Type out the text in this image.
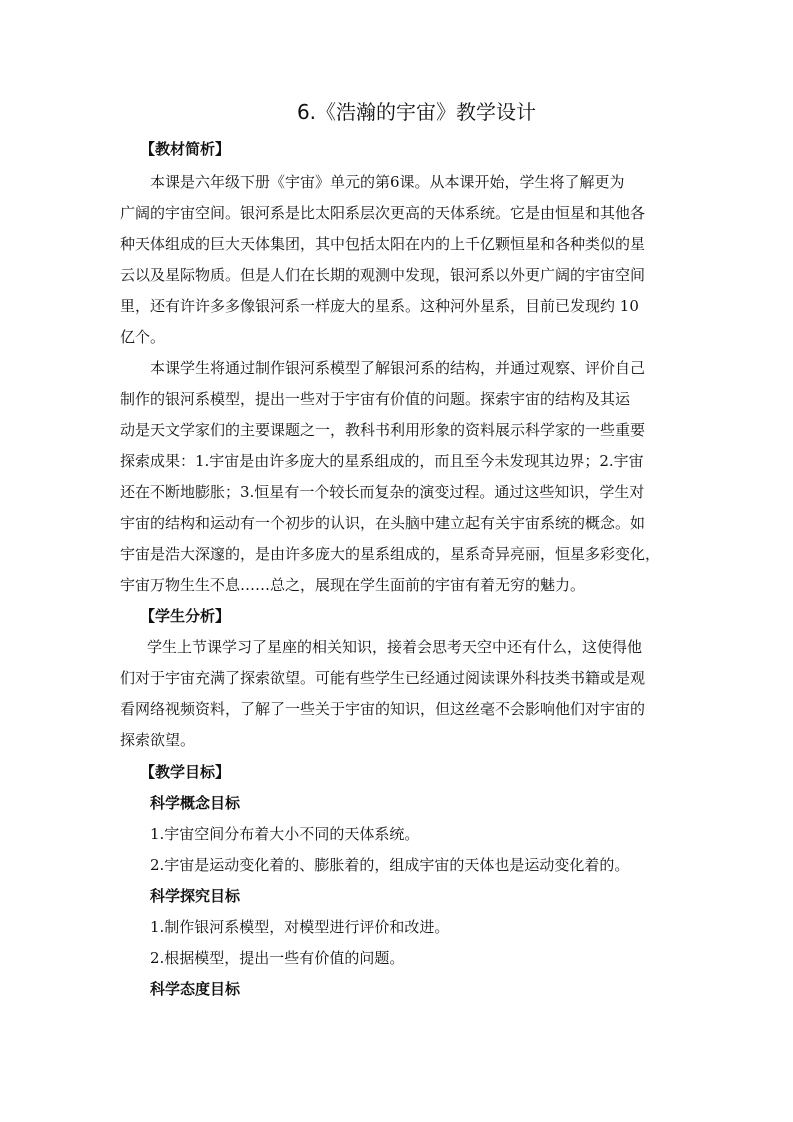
6.《浩瀚的宇宙》教学设计
【教材简析】
本课是六年级下册《宇宙》单元的第6课。从本课开始，学生将了解更为
广阔的宇宙空间。银河系是比太阳系层次更高的天体系统。它是由恒星和其他各
种天体组成的巨大天体集团，其中包括太阳在内的上千亿颗恒星和各种类似的星
云以及星际物质。但是人们在长期的观测中发现，银河系以外更广阔的宇宙空间
里，还有许许多多像银河系一样庞大的星系。这种河外星系，目前已发现约 10
亿个。
本课学生将通过制作银河系模型了解银河系的结构，并通过观察、评价自己
制作的银河系模型，提出一些对于宇宙有价值的问题。探索宇宙的结构及其运
动是天文学家们的主要课题之一，教科书利用形象的资料展示科学家的一些重要
探索成果：1.宇宙是由许多庞大的星系组成的，而且至今未发现其边界；2.宇宙
还在不断地膨胀；3.恒星有一个较长而复杂的演变过程。通过这些知识，学生对
宇宙的结构和运动有一个初步的认识，在头脑中建立起有关宇宙系统的概念。如
宇宙是浩大深邃的，是由许多庞大的星系组成的，星系奇异亮丽，恒星多彩变化，
宇宙万物生生不息……总之，展现在学生面前的宇宙有着无穷的魅力。
【学生分析】
学生上节课学习了星座的相关知识，接着会思考天空中还有什么，这使得他
们对于宇宙充满了探索欲望。可能有些学生已经通过阅读课外科技类书籍或是观
看网络视频资料，了解了一些关于宇宙的知识，但这丝毫不会影响他们对宇宙的
探索欲望。
【教学目标】
科学概念目标
1.宇宙空间分布着大小不同的天体系统。
2.宇宙是运动变化着的、膨胀着的，组成宇宙的天体也是运动变化着的。
科学探究目标
1.制作银河系模型，对模型进行评价和改进。
2.根据模型，提出一些有价值的问题。
科学态度目标
